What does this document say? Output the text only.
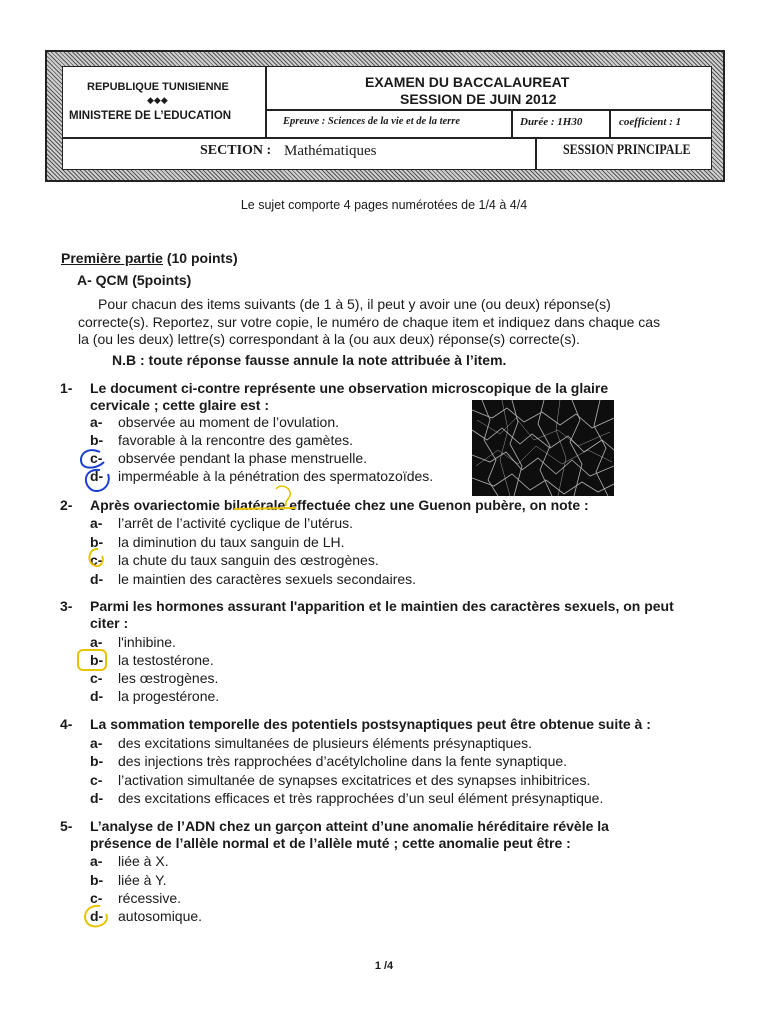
REPUBLIQUE TUNISIENNE
◆◆◆
MINISTERE DE L’EDUCATION
EXAMEN DU BACCALAUREAT
SESSION DE JUIN 2012
Epreuve : Sciences de la vie et de la terre	Durée : 1H30	coefficient : 1
SECTION : Mathématiques	SESSION PRINCIPALE
Le sujet comporte 4 pages numérotées de 1/4 à 4/4
Première partie (10 points)
A- QCM (5points)
Pour chacun des items suivants (de 1 à 5), il peut y avoir une (ou deux) réponse(s)
correcte(s). Reportez, sur votre copie, le numéro de chaque item et indiquez dans chaque cas
la (ou les deux) lettre(s) correspondant à la (ou aux deux) réponse(s) correcte(s).
N.B : toute réponse fausse annule la note attribuée à l’item.
1- Le document ci-contre représente une observation microscopique de la glaire
cervicale ; cette glaire est :
a- observée au moment de l’ovulation.
b- favorable à la rencontre des gamètes.
c- observée pendant la phase menstruelle.
d- imperméable à la pénétration des spermatozoïdes.
2- Après ovariectomie bilatérale effectuée chez une Guenon pubère, on note :
a- l’arrêt de l’activité cyclique de l’utérus.
b- la diminution du taux sanguin de LH.
c- la chute du taux sanguin des œstrogènes.
d- le maintien des caractères sexuels secondaires.
3- Parmi les hormones assurant l'apparition et le maintien des caractères sexuels, on peut
citer :
a- l'inhibine.
b- la testostérone.
c- les œstrogènes.
d- la progestérone.
4- La sommation temporelle des potentiels postsynaptiques peut être obtenue suite à :
a- des excitations simultanées de plusieurs éléments présynaptiques.
b- des injections très rapprochées d’acétylcholine dans la fente synaptique.
c- l’activation simultanée de synapses excitatrices et des synapses inhibitrices.
d- des excitations efficaces et très rapprochées d’un seul élément présynaptique.
5- L’analyse de l’ADN chez un garçon atteint d’une anomalie héréditaire révèle la
présence de l’allèle normal et de l’allèle muté ; cette anomalie peut être :
a- liée à X.
b- liée à Y.
c- récessive.
d- autosomique.
1 /4
